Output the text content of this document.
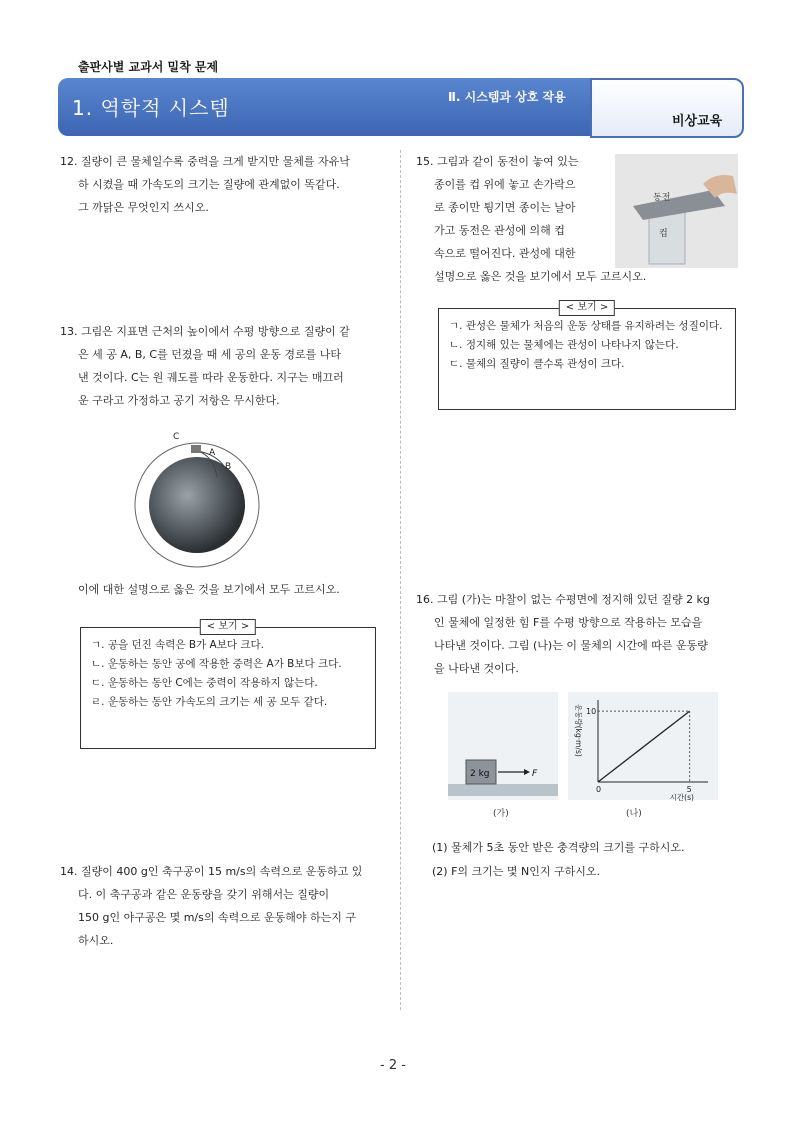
출판사별 교과서 밀착 문제
1. 역학적 시스템	Ⅱ. 시스템과 상호 작용
비상교육
12. 질량이 큰 물체일수록 중력을 크게 받지만 물체를 자유낙
하 시켰을 때 가속도의 크기는 질량에 관계없이 똑같다.
그 까닭은 무엇인지 쓰시오.
13. 그림은 지표면 근처의 높이에서 수평 방향으로 질량이 같
은 세 공 A, B, C를 던졌을 때 세 공의 운동 경로를 나타
낸 것이다. C는 원 궤도를 따라 운동한다. 지구는 매끄러
운 구라고 가정하고 공기 저항은 무시한다.
C
A
B
이에 대한 설명으로 옳은 것을 보기에서 모두 고르시오.
< 보기 >
ㄱ. 공을 던진 속력은 B가 A보다 크다.
ㄴ. 운동하는 동안 공에 작용한 중력은 A가 B보다 크다.
ㄷ. 운동하는 동안 C에는 중력이 작용하지 않는다.
ㄹ. 운동하는 동안 가속도의 크기는 세 공 모두 같다.
14. 질량이 400 g인 축구공이 15 m/s의 속력으로 운동하고 있
다. 이 축구공과 같은 운동량을 갖기 위해서는 질량이
150 g인 야구공은 몇 m/s의 속력으로 운동해야 하는지 구
하시오.
15. 그림과 같이 동전이 놓여 있는
종이를 컵 위에 놓고 손가락으
로 종이만 튕기면 종이는 날아
가고 동전은 관성에 의해 컵
속으로 떨어진다. 관성에 대한
설명으로 옳은 것을 보기에서 모두 고르시오.
동전
컵
< 보기 >
ㄱ. 관성은 물체가 처음의 운동 상태를 유지하려는 성질이다.
ㄴ. 정지해 있는 물체에는 관성이 나타나지 않는다.
ㄷ. 물체의 질량이 클수록 관성이 크다.
16. 그림 (가)는 마찰이 없는 수평면에 정지해 있던 질량 2 kg
인 물체에 일정한 힘 F를 수평 방향으로 작용하는 모습을
나타낸 것이다. 그림 (나)는 이 물체의 시간에 따른 운동량
을 나타낸 것이다.
2 kg	F
(가)
10
0	5
시간(s)
운동량(kg·m/s)
(나)
(1) 물체가 5초 동안 받은 충격량의 크기를 구하시오.
(2) F의 크기는 몇 N인지 구하시오.
- 2 -
